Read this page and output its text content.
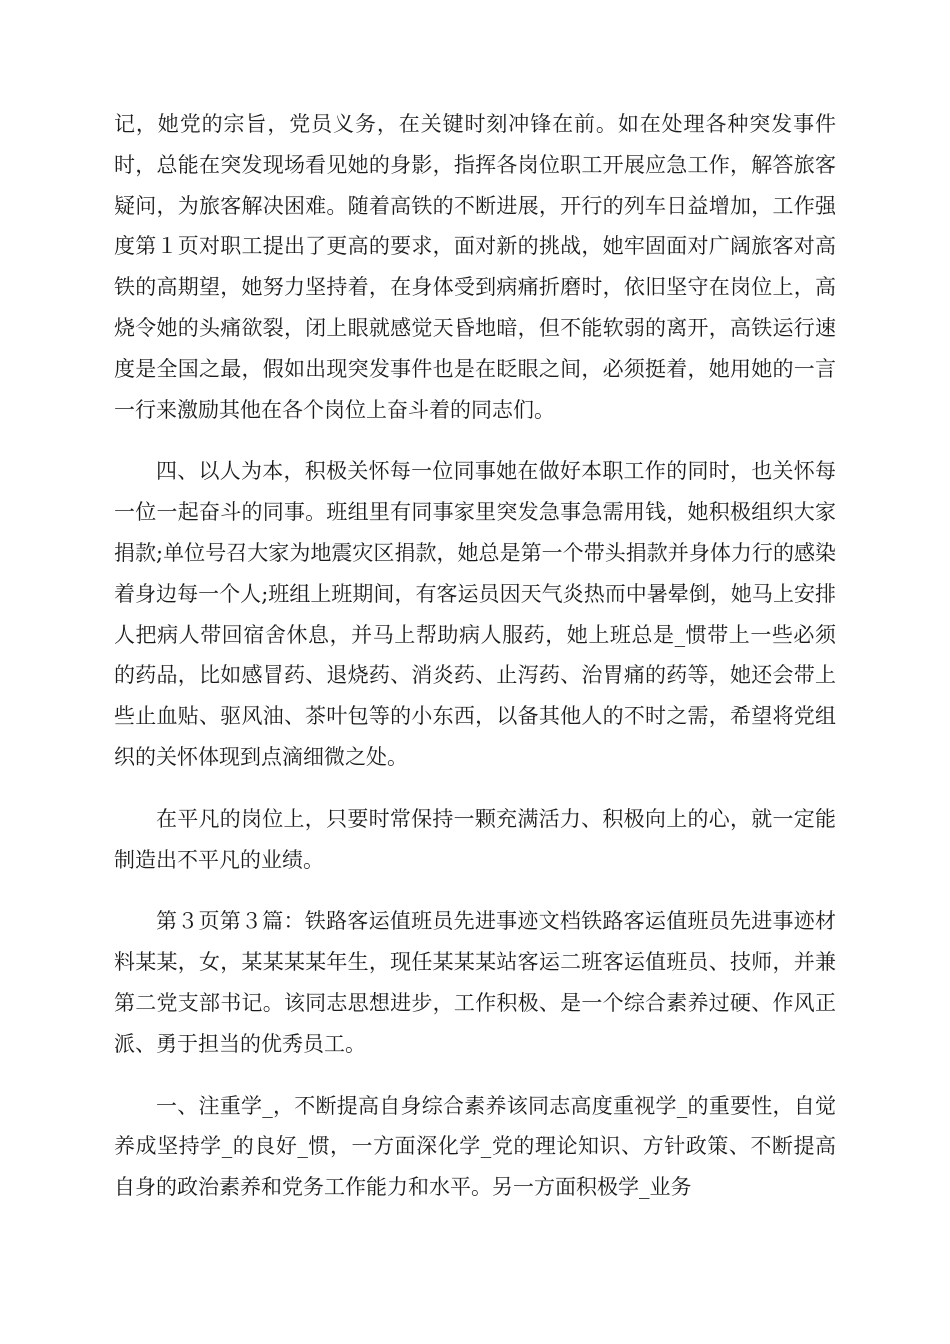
记，她党的宗旨，党员义务，在关键时刻冲锋在前。如在处理各种突发事件时，总能在突发现场看见她的身影，指挥各岗位职工开展应急工作，解答旅客疑问，为旅客解决困难。随着高铁的不断进展，开行的列车日益增加，工作强度第１页对职工提出了更高的要求，面对新的挑战，她牢固面对广阔旅客对高铁的高期望，她努力坚持着，在身体受到病痛折磨时，依旧坚守在岗位上，高烧令她的头痛欲裂，闭上眼就感觉天昏地暗，但不能软弱的离开，高铁运行速度是全国之最，假如出现突发事件也是在眨眼之间，必须挺着，她用她的一言一行来激励其他在各个岗位上奋斗着的同志们。

四、以人为本，积极关怀每一位同事她在做好本职工作的同时，也关怀每一位一起奋斗的同事。班组里有同事家里突发急事急需用钱，她积极组织大家捐款;单位号召大家为地震灾区捐款，她总是第一个带头捐款并身体力行的感染着身边每一个人;班组上班期间，有客运员因天气炎热而中暑晕倒，她马上安排人把病人带回宿舍休息，并马上帮助病人服药，她上班总是_惯带上一些必须的药品，比如感冒药、退烧药、消炎药、止泻药、治胃痛的药等，她还会带上些止血贴、驱风油、茶叶包等的小东西，以备其他人的不时之需，希望将党组织的关怀体现到点滴细微之处。

在平凡的岗位上，只要时常保持一颗充满活力、积极向上的心，就一定能制造出不平凡的业绩。

第３页第３篇：铁路客运值班员先进事迹文档铁路客运值班员先进事迹材料某某，女，某某某某年生，现任某某某站客运二班客运值班员、技师，并兼第二党支部书记。该同志思想进步，工作积极、是一个综合素养过硬、作风正派、勇于担当的优秀员工。

一、注重学_，不断提高自身综合素养该同志高度重视学_的重要性，自觉养成坚持学_的良好_惯，一方面深化学_党的理论知识、方针政策、不断提高自身的政治素养和党务工作能力和水平。另一方面积极学_业务
